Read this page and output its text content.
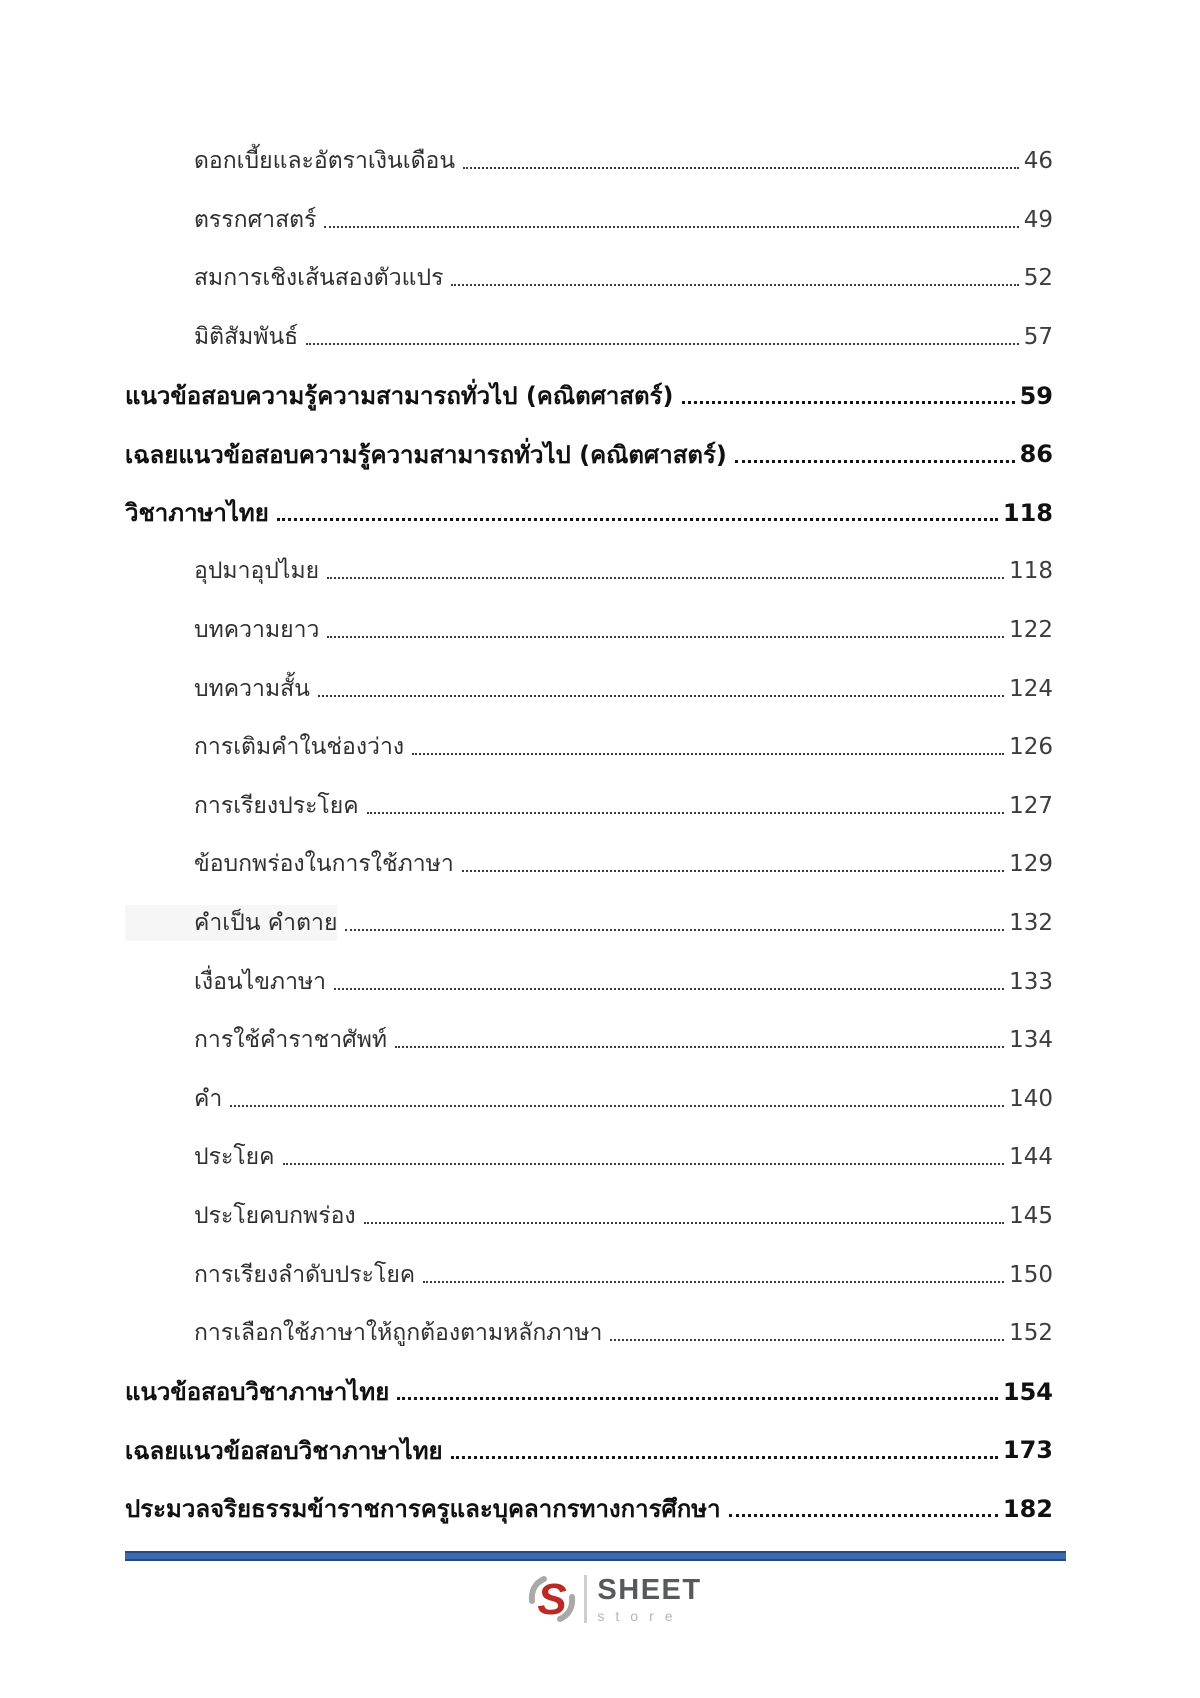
ดอกเบี้ยและอัตราเงินเดือน	46
ตรรกศาสตร์	49
สมการเชิงเส้นสองตัวแปร	52
มิติสัมพันธ์	57
แนวข้อสอบความรู้ความสามารถทั่วไป (คณิตศาสตร์)	59
เฉลยแนวข้อสอบความรู้ความสามารถทั่วไป (คณิตศาสตร์)	86
วิชาภาษาไทย	118
อุปมาอุปไมย	118
บทความยาว	122
บทความสั้น	124
การเติมคำในช่องว่าง	126
การเรียงประโยค	127
ข้อบกพร่องในการใช้ภาษา	129
คำเป็น คำตาย	132
เงื่อนไขภาษา	133
การใช้คำราชาศัพท์	134
คำ	140
ประโยค	144
ประโยคบกพร่อง	145
การเรียงลำดับประโยค	150
การเลือกใช้ภาษาให้ถูกต้องตามหลักภาษา	152
แนวข้อสอบวิชาภาษาไทย	154
เฉลยแนวข้อสอบวิชาภาษาไทย	173
ประมวลจริยธรรมข้าราชการครูและบุคลากรทางการศึกษา	182
S SHEET
store
